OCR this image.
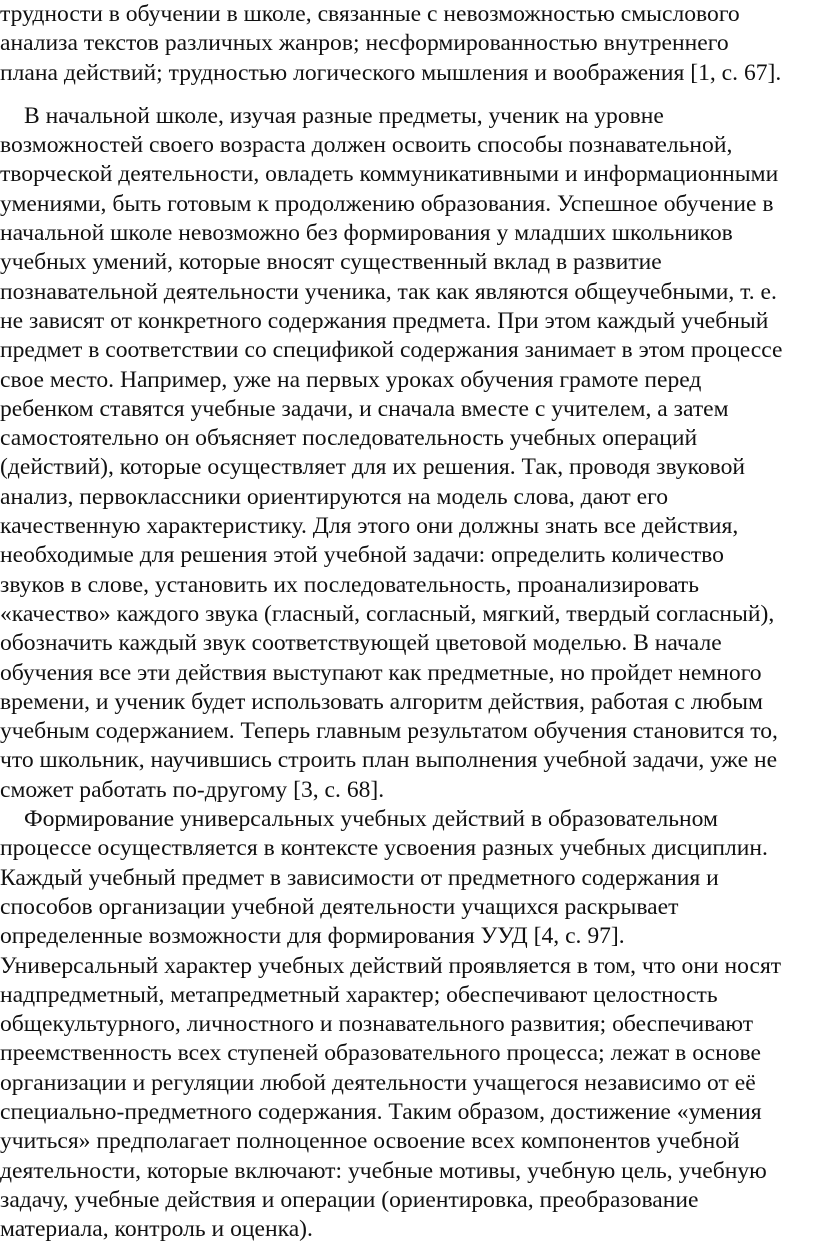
трудности в обучении в школе, связанные с невозможностью смыслового
анализа текстов различных жанров; несформированностью внутреннего
плана действий; трудностью логического мышления и воображения [1, с. 67].

В начальной школе, изучая разные предметы, ученик на уровне
возможностей своего возраста должен освоить способы познавательной,
творческой деятельности, овладеть коммуникативными и информационными
умениями, быть готовым к продолжению образования. Успешное обучение в
начальной школе невозможно без формирования у младших школьников
учебных умений, которые вносят существенный вклад в развитие
познавательной деятельности ученика, так как являются общеучебными, т. е.
не зависят от конкретного содержания предмета. При этом каждый учебный
предмет в соответствии со спецификой содержания занимает в этом процессе
свое место. Например, уже на первых уроках обучения грамоте перед
ребенком ставятся учебные задачи, и сначала вместе с учителем, а затем
самостоятельно он объясняет последовательность учебных операций
(действий), которые осуществляет для их решения. Так, проводя звуковой
анализ, первоклассники ориентируются на модель слова, дают его
качественную характеристику. Для этого они должны знать все действия,
необходимые для решения этой учебной задачи: определить количество
звуков в слове, установить их последовательность, проанализировать
«качество» каждого звука (гласный, согласный, мягкий, твердый согласный),
обозначить каждый звук соответствующей цветовой моделью. В начале
обучения все эти действия выступают как предметные, но пройдет немного
времени, и ученик будет использовать алгоритм действия, работая с любым
учебным содержанием. Теперь главным результатом обучения становится то,
что школьник, научившись строить план выполнения учебной задачи, уже не
сможет работать по-другому [3, с. 68].

Формирование универсальных учебных действий в образовательном
процессе осуществляется в контексте усвоения разных учебных дисциплин.
Каждый учебный предмет в зависимости от предметного содержания и
способов организации учебной деятельности учащихся раскрывает
определенные возможности для формирования УУД [4, с. 97].
Универсальный характер учебных действий проявляется в том, что они носят
надпредметный, метапредметный характер; обеспечивают целостность
общекультурного, личностного и познавательного развития; обеспечивают
преемственность всех ступеней образовательного процесса; лежат в основе
организации и регуляции любой деятельности учащегося независимо от её
специально-предметного содержания. Таким образом, достижение «умения
учиться» предполагает полноценное освоение всех компонентов учебной
деятельности, которые включают: учебные мотивы, учебную цель, учебную
задачу, учебные действия и операции (ориентировка, преобразование
материала, контроль и оценка).
